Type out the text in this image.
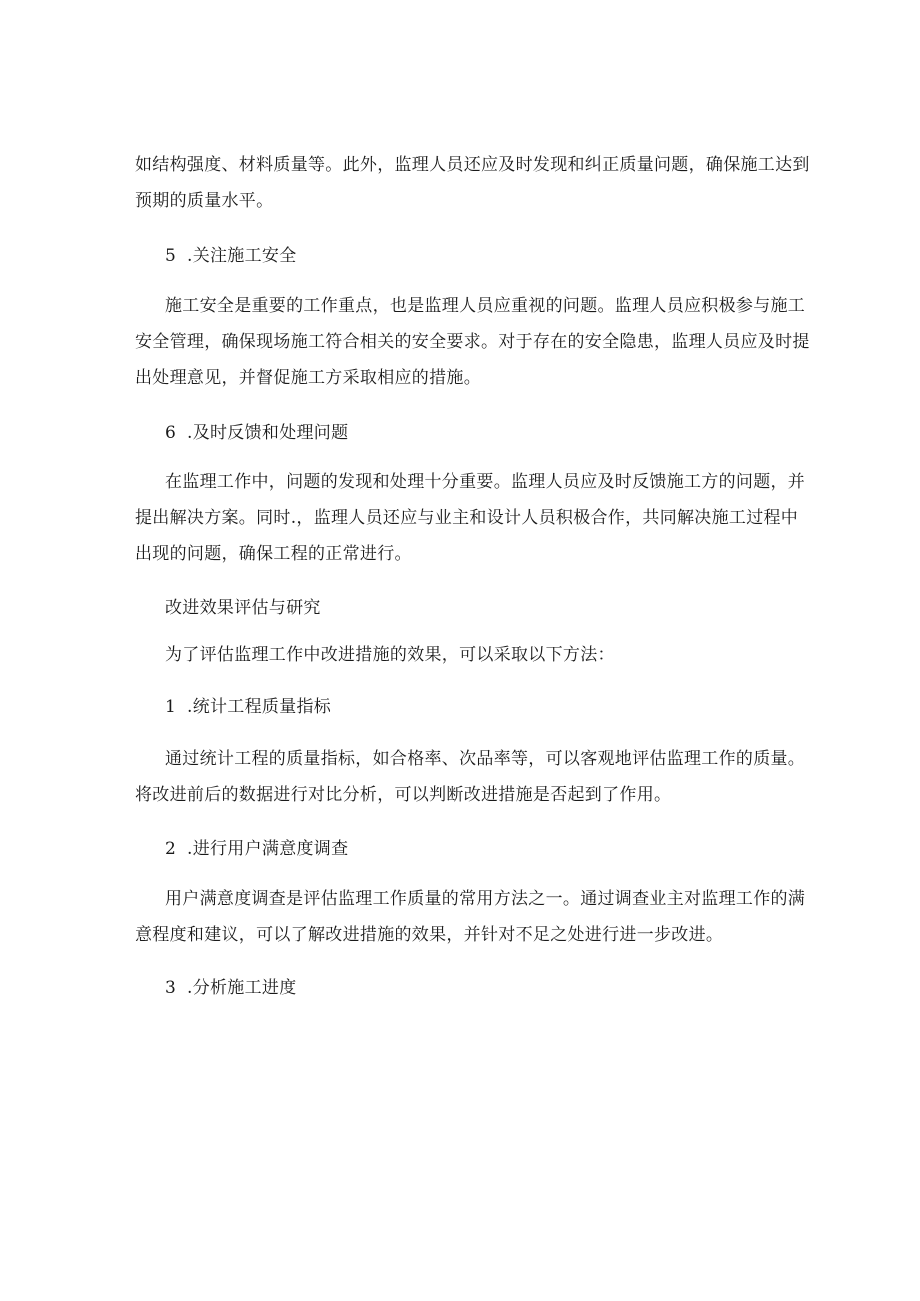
如结构强度、材料质量等。此外，监理人员还应及时发现和纠正质量问题，确保施工达到
预期的质量水平。
5 .关注施工安全
施工安全是重要的工作重点，也是监理人员应重视的问题。监理人员应积极参与施工
安全管理，确保现场施工符合相关的安全要求。对于存在的安全隐患，监理人员应及时提
出处理意见，并督促施工方采取相应的措施。
6 .及时反馈和处理问题
在监理工作中，问题的发现和处理十分重要。监理人员应及时反馈施工方的问题，并
提出解决方案。同时.，监理人员还应与业主和设计人员积极合作，共同解决施工过程中
出现的问题，确保工程的正常进行。
改进效果评估与研究
为了评估监理工作中改进措施的效果，可以采取以下方法：
1 .统计工程质量指标
通过统计工程的质量指标，如合格率、次品率等，可以客观地评估监理工作的质量。
将改进前后的数据进行对比分析，可以判断改进措施是否起到了作用。
2 .进行用户满意度调查
用户满意度调查是评估监理工作质量的常用方法之一。通过调查业主对监理工作的满
意程度和建议，可以了解改进措施的效果，并针对不足之处进行进一步改进。
3 .分析施工进度
